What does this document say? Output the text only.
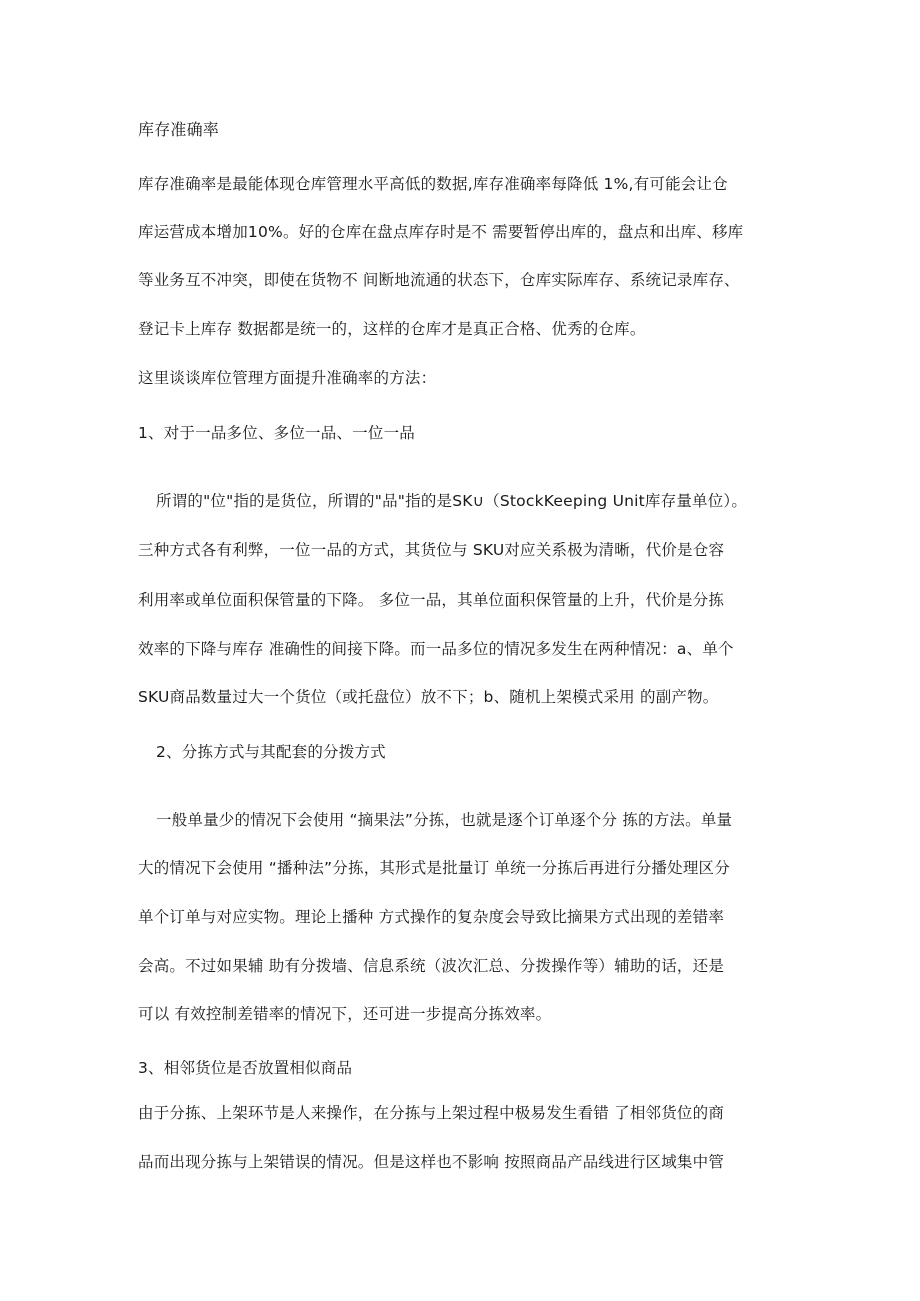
库存准确率
库存准确率是最能体现仓库管理水平高低的数据,库存准确率每降低 1%,有可能会让仓
库运营成本增加10%。好的仓库在盘点库存时是不 需要暂停出库的，盘点和出库、移库
等业务互不冲突，即使在货物不 间断地流通的状态下，仓库实际库存、系统记录库存、
登记卡上库存 数据都是统一的，这样的仓库才是真正合格、优秀的仓库。
这里谈谈库位管理方面提升准确率的方法：
1、对于一品多位、多位一品、一位一品
所谓的"位"指的是货位，所谓的"品"指的是SK∪（StockKeeping Unit库存量单位）。
三种方式各有利弊，一位一品的方式，其货位与 SKU对应关系极为清晰，代价是仓容
利用率或单位面积保管量的下降。 多位一品，其单位面积保管量的上升，代价是分拣
效率的下降与库存 准确性的间接下降。而一品多位的情况多发生在两种情况：a、单个
SKU商品数量过大一个货位（或托盘位）放不下；b、随机上架模式采用 的副产物。
2、分拣方式与其配套的分拨方式
一般单量少的情况下会使用 “摘果法”分拣，也就是逐个订单逐个分 拣的方法。单量
大的情况下会使用 “播种法”分拣，其形式是批量订 单统一分拣后再进行分播处理区分
单个订单与对应实物。理论上播种 方式操作的复杂度会导致比摘果方式出现的差错率
会高。不过如果辅 助有分拨墙、信息系统（波次汇总、分拨操作等）辅助的话，还是
可以 有效控制差错率的情况下，还可进一步提高分拣效率。
3、相邻货位是否放置相似商品
由于分拣、上架环节是人来操作，在分拣与上架过程中极易发生看错 了相邻货位的商
品而出现分拣与上架错误的情况。但是这样也不影响 按照商品产品线进行区域集中管
